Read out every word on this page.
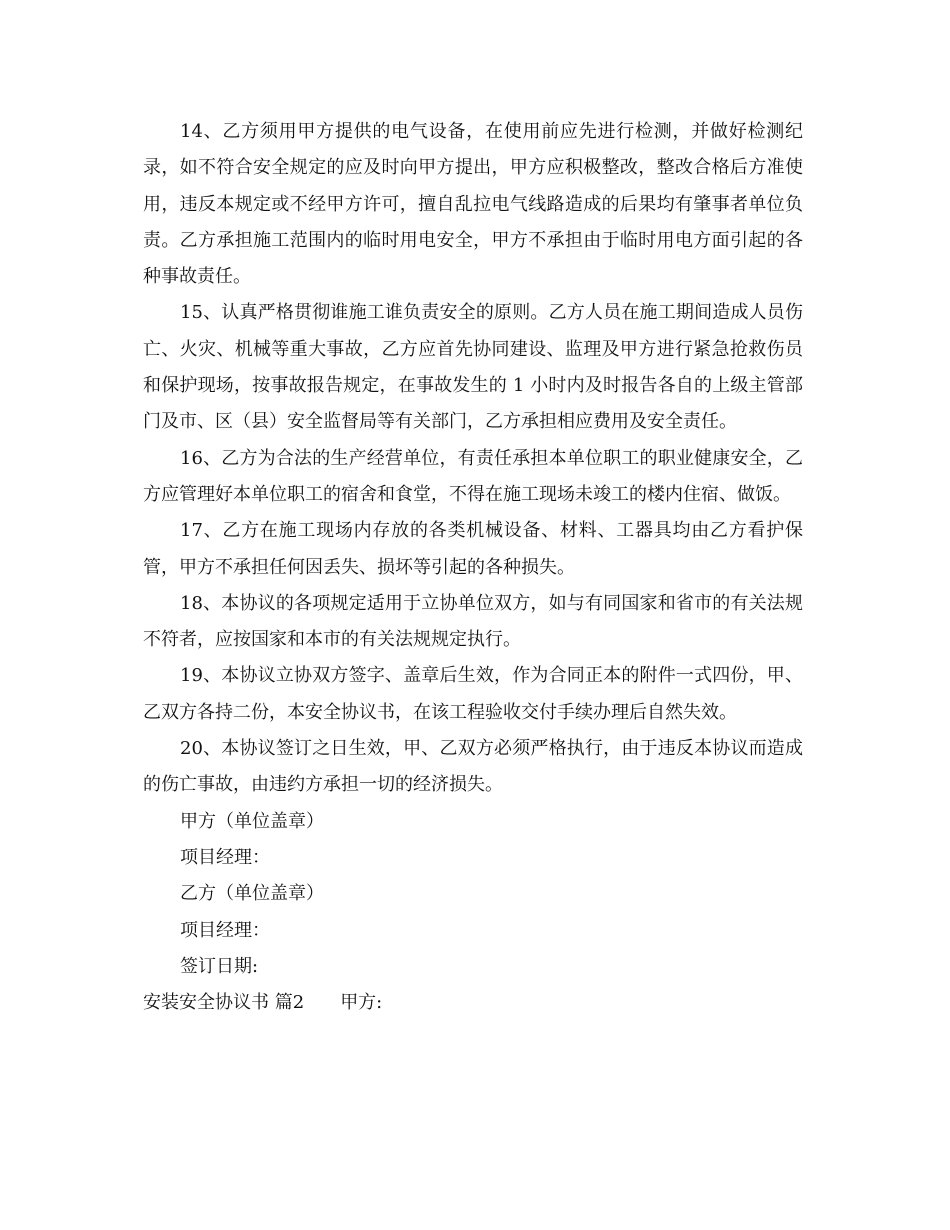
14、乙方须用甲方提供的电气设备，在使用前应先进行检测，并做好检测纪录，如不符合安全规定的应及时向甲方提出，甲方应积极整改，整改合格后方准使用，违反本规定或不经甲方许可，擅自乱拉电气线路造成的后果均有肇事者单位负责。乙方承担施工范围内的临时用电安全，甲方不承担由于临时用电方面引起的各种事故责任。

15、认真严格贯彻谁施工谁负责安全的原则。乙方人员在施工期间造成人员伤亡、火灾、机械等重大事故，乙方应首先协同建设、监理及甲方进行紧急抢救伤员和保护现场，按事故报告规定，在事故发生的 1 小时内及时报告各自的上级主管部门及市、区（县）安全监督局等有关部门，乙方承担相应费用及安全责任。

16、乙方为合法的生产经营单位，有责任承担本单位职工的职业健康安全，乙方应管理好本单位职工的宿舍和食堂，不得在施工现场未竣工的楼内住宿、做饭。

17、乙方在施工现场内存放的各类机械设备、材料、工器具均由乙方看护保管，甲方不承担任何因丢失、损坏等引起的各种损失。

18、本协议的各项规定适用于立协单位双方，如与有同国家和省市的有关法规不符者，应按国家和本市的有关法规规定执行。

19、本协议立协双方签字、盖章后生效，作为合同正本的附件一式四份，甲、乙双方各持二份，本安全协议书，在该工程验收交付手续办理后自然失效。

20、本协议签订之日生效，甲、乙双方必须严格执行，由于违反本协议而造成的伤亡事故，由违约方承担一切的经济损失。

甲方（单位盖章）

项目经理：

乙方（单位盖章）

项目经理：

签订日期:

安装安全协议书 篇2 甲方:
